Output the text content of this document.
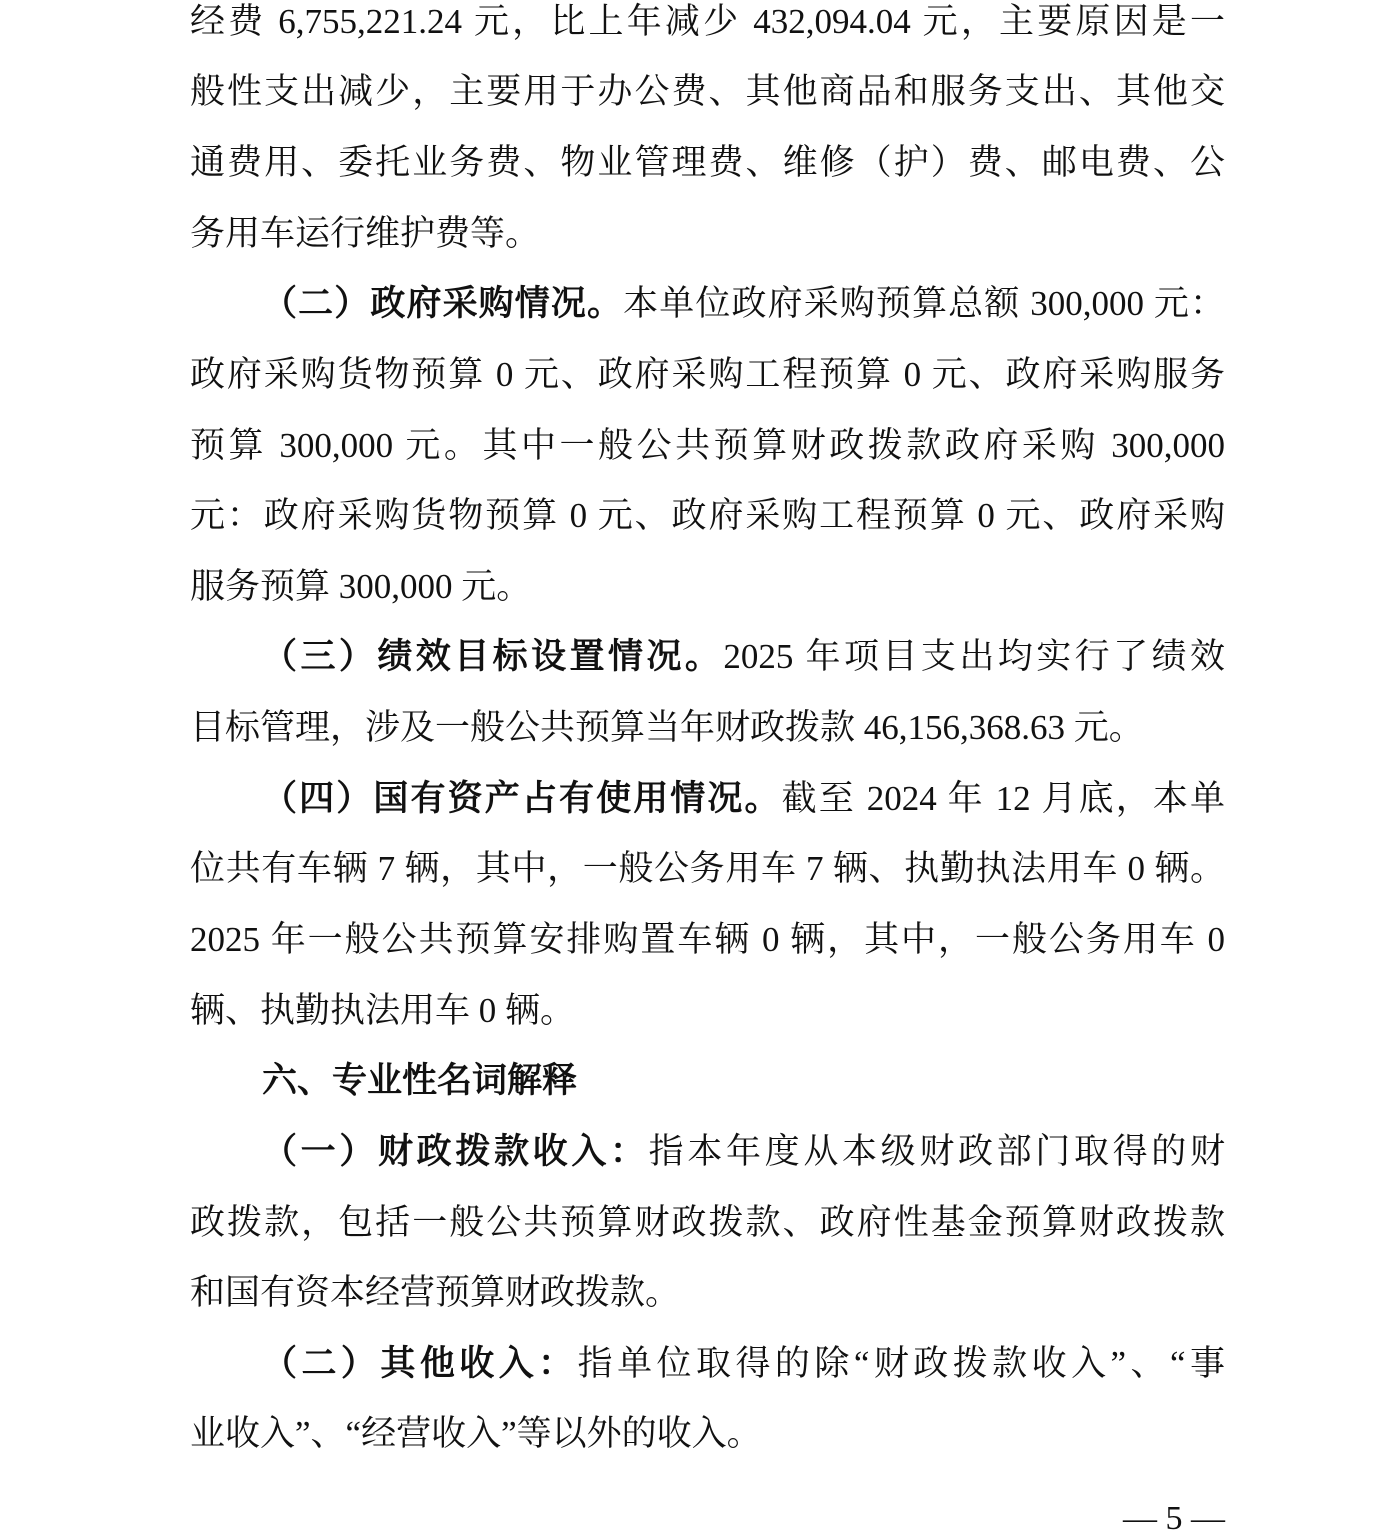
经费 6,755,221.24 元，比上年减少 432,094.04 元，主要原因是一
般性支出减少，主要用于办公费、其他商品和服务支出、其他交
通费用、委托业务费、物业管理费、维修（护）费、邮电费、公
务用车运行维护费等。
（二）政府采购情况。本单位政府采购预算总额 300,000 元：
政府采购货物预算 0 元、政府采购工程预算 0 元、政府采购服务
预算 300,000 元。其中一般公共预算财政拨款政府采购 300,000
元：政府采购货物预算 0 元、政府采购工程预算 0 元、政府采购
服务预算 300,000 元。
（三）绩效目标设置情况。2025 年项目支出均实行了绩效
目标管理，涉及一般公共预算当年财政拨款 46,156,368.63 元。
（四）国有资产占有使用情况。截至 2024 年 12 月底，本单
位共有车辆 7 辆，其中，一般公务用车 7 辆、执勤执法用车 0 辆。
2025 年一般公共预算安排购置车辆 0 辆，其中，一般公务用车 0
辆、执勤执法用车 0 辆。
六、专业性名词解释
（一）财政拨款收入：指本年度从本级财政部门取得的财
政拨款，包括一般公共预算财政拨款、政府性基金预算财政拨款
和国有资本经营预算财政拨款。
（二）其他收入：指单位取得的除“财政拨款收入”、“事
业收入”、“经营收入”等以外的收入。
— 5 —
